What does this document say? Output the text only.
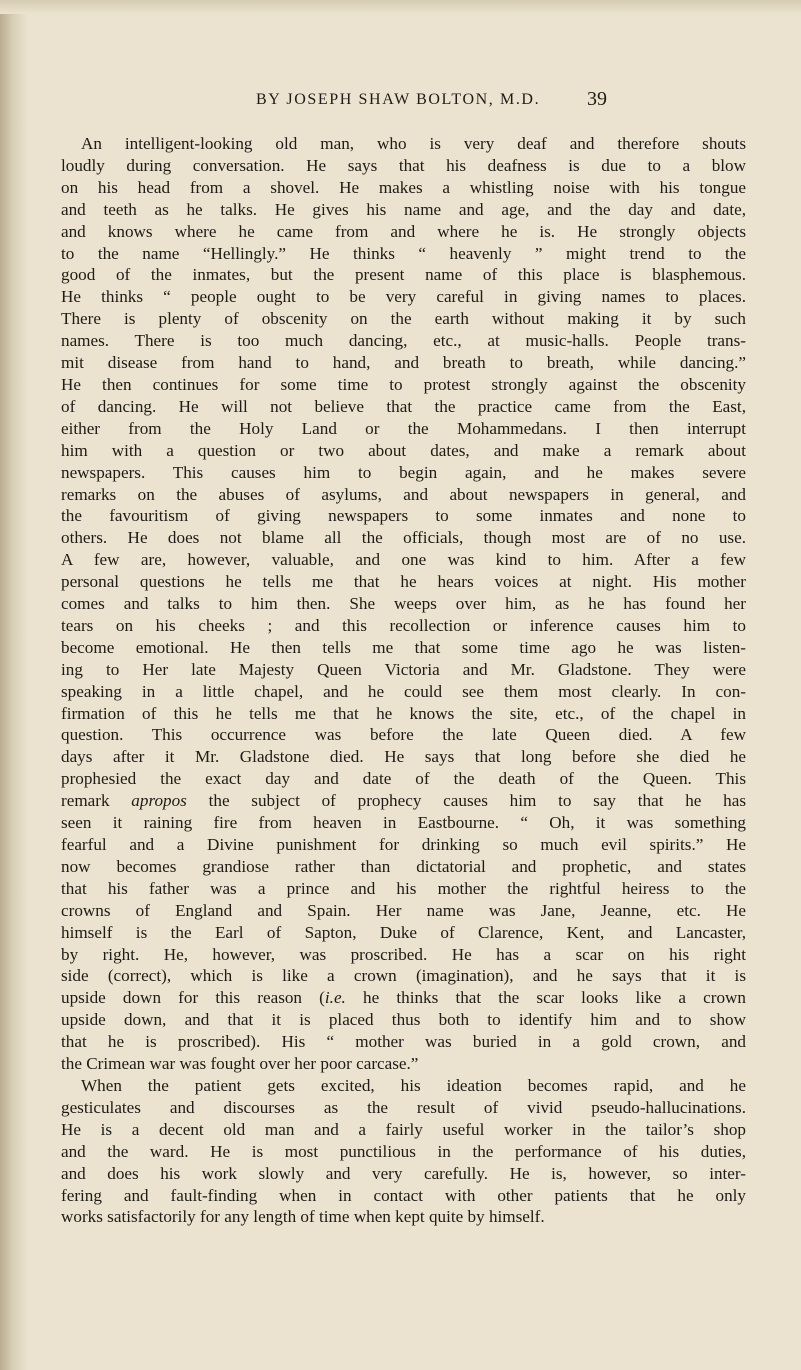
BY JOSEPH SHAW BOLTON, M.D. 39
An intelligent-looking old man, who is very deaf and therefore shouts
loudly during conversation. He says that his deafness is due to a blow
on his head from a shovel. He makes a whistling noise with his tongue
and teeth as he talks. He gives his name and age, and the day and date,
and knows where he came from and where he is. He strongly objects
to the name “Hellingly.” He thinks “ heavenly ” might trend to the
good of the inmates, but the present name of this place is blasphemous.
He thinks “ people ought to be very careful in giving names to places.
There is plenty of obscenity on the earth without making it by such
names. There is too much dancing, etc., at music-halls. People trans-
mit disease from hand to hand, and breath to breath, while dancing.”
He then continues for some time to protest strongly against the obscenity
of dancing. He will not believe that the practice came from the East,
either from the Holy Land or the Mohammedans. I then interrupt
him with a question or two about dates, and make a remark about
newspapers. This causes him to begin again, and he makes severe
remarks on the abuses of asylums, and about newspapers in general, and
the favouritism of giving newspapers to some inmates and none to
others. He does not blame all the officials, though most are of no use.
A few are, however, valuable, and one was kind to him. After a few
personal questions he tells me that he hears voices at night. His mother
comes and talks to him then. She weeps over him, as he has found her
tears on his cheeks ; and this recollection or inference causes him to
become emotional. He then tells me that some time ago he was listen-
ing to Her late Majesty Queen Victoria and Mr. Gladstone. They were
speaking in a little chapel, and he could see them most clearly. In con-
firmation of this he tells me that he knows the site, etc., of the chapel in
question. This occurrence was before the late Queen died. A few
days after it Mr. Gladstone died. He says that long before she died he
prophesied the exact day and date of the death of the Queen. This
remark apropos the subject of prophecy causes him to say that he has
seen it raining fire from heaven in Eastbourne. “ Oh, it was something
fearful and a Divine punishment for drinking so much evil spirits.” He
now becomes grandiose rather than dictatorial and prophetic, and states
that his father was a prince and his mother the rightful heiress to the
crowns of England and Spain. Her name was Jane, Jeanne, etc. He
himself is the Earl of Sapton, Duke of Clarence, Kent, and Lancaster,
by right. He, however, was proscribed. He has a scar on his right
side (correct), which is like a crown (imagination), and he says that it is
upside down for this reason (i.e. he thinks that the scar looks like a crown
upside down, and that it is placed thus both to identify him and to show
that he is proscribed). His “ mother was buried in a gold crown, and
the Crimean war was fought over her poor carcase.”
When the patient gets excited, his ideation becomes rapid, and he
gesticulates and discourses as the result of vivid pseudo-hallucinations.
He is a decent old man and a fairly useful worker in the tailor’s shop
and the ward. He is most punctilious in the performance of his duties,
and does his work slowly and very carefully. He is, however, so inter-
fering and fault-finding when in contact with other patients that he only
works satisfactorily for any length of time when kept quite by himself.
